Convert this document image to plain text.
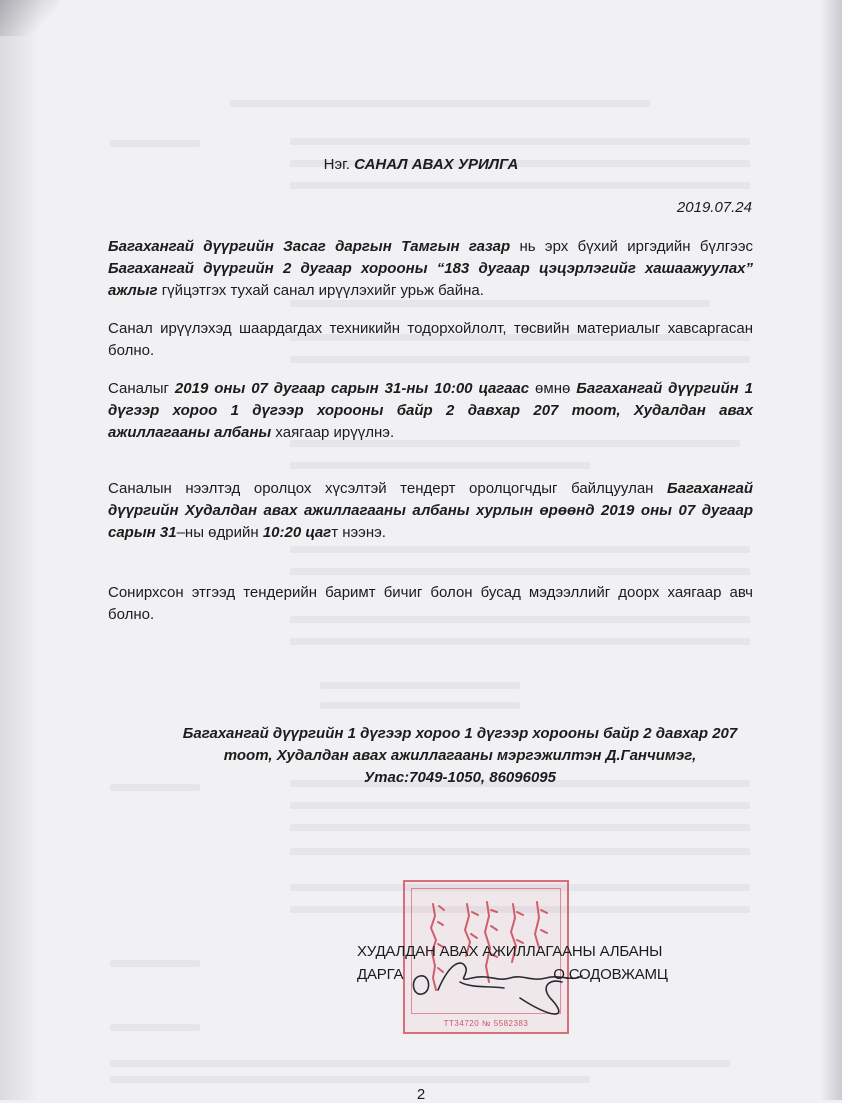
Нэг. САНАЛ АВАХ УРИЛГА
2019.07.24
Багахангай дүүргийн Засаг даргын Тамгын газар нь эрх бүхий иргэдийн бүлгээс Багахангай дүүргийн 2 дугаар хорооны “183 дугаар цэцэрлэгийг хашаажуулах” ажлыг гүйцэтгэх тухай санал ирүүлэхийг урьж байна.
Санал ирүүлэхэд шаардагдах техникийн тодорхойлолт, төсвийн материалыг хавсаргасан болно.
Саналыг 2019 оны 07 дугаар сарын 31-ны 10:00 цагаас өмнө Багахангай дүүргийн 1 дүгээр хороо 1 дүгээр хорооны байр 2 давхар 207 тоот, Худалдан авах ажиллагааны албаны хаягаар ирүүлнэ.
Саналын нээлтэд оролцох хүсэлтэй тендерт оролцогчдыг байлцуулан Багахангай дүүргийн Худалдан авах ажиллагааны албаны хурлын өрөөнд 2019 оны 07 дугаар сарын 31–ны өдрийн 10:20 цагт нээнэ.
Сонирхсон этгээд тендерийн баримт бичиг болон бусад мэдээллийг доорх хаягаар авч болно.
Багахангай дүүргийн 1 дүгээр хороо 1 дүгээр хорооны байр 2 давхар 207
тоот, Худалдан авах ажиллагааны мэргэжилтэн Д.Ганчимэг,
Утас:7049-1050, 86096095
ТТ34720 № 5582383
ХУДАЛДАН АВАХ АЖИЛЛАГААНЫ АЛБАНЫ
ДАРГА	О.СОДОВЖАМЦ
2
